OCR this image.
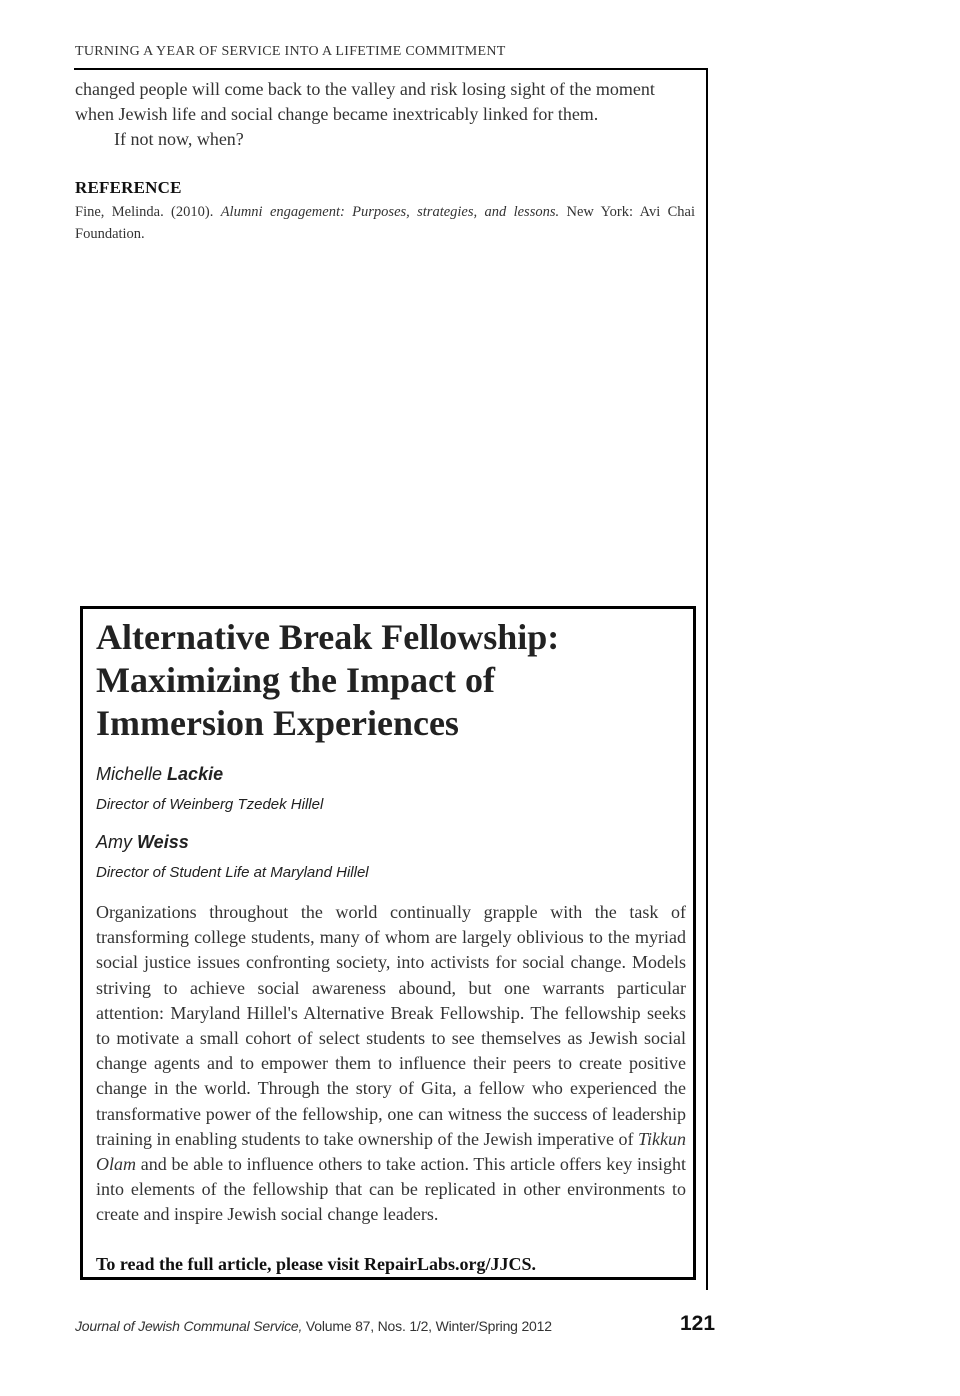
TURNING A YEAR OF SERVICE INTO A LIFETIME COMMITMENT

changed people will come back to the valley and risk losing sight of the moment when Jewish life and social change became inextricably linked for them.

If not now, when?

REFERENCE
Fine, Melinda. (2010). Alumni engagement: Purposes, strategies, and lessons. New York: Avi Chai Foundation.
Alternative Break Fellowship:
Maximizing the Impact of
Immersion Experiences
Michelle Lackie
Director of Weinberg Tzedek Hillel
Amy Weiss
Director of Student Life at Maryland Hillel

Organizations throughout the world continually grapple with the task of transforming college students, many of whom are largely oblivious to the myriad social justice issues confronting society, into activists for social change. Models striving to achieve social awareness abound, but one warrants particular attention: Maryland Hillel's Alternative Break Fellowship. The fellowship seeks to motivate a small cohort of select students to see themselves as Jewish social change agents and to empower them to influence their peers to create positive change in the world. Through the story of Gita, a fellow who experienced the transformative power of the fellowship, one can witness the success of leadership training in enabling students to take ownership of the Jewish imperative of Tikkun Olam and be able to influence others to take action. This article offers key insight into elements of the fellowship that can be replicated in other environments to create and inspire Jewish social change leaders.

To read the full article, please visit RepairLabs.org/JJCS.
Journal of Jewish Communal Service, Volume 87, Nos. 1/2, Winter/Spring 2012	121
